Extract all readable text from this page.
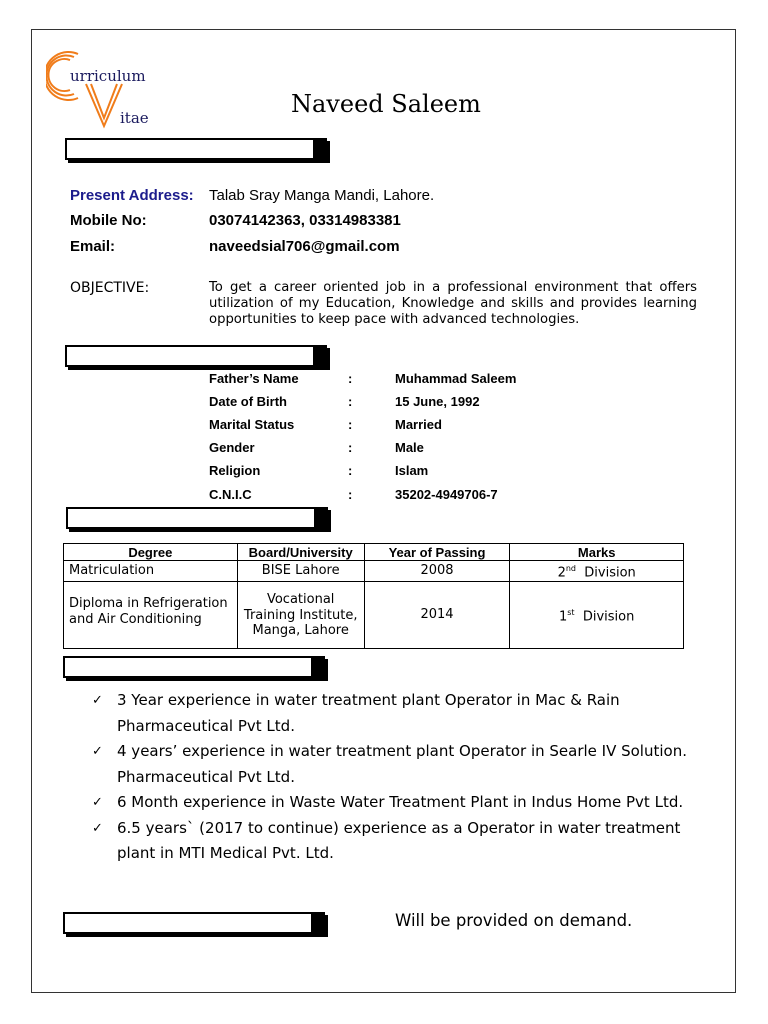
urriculum
itae	Naveed Saleem
Present Address: Talab Sray Manga Mandi, Lahore.
Mobile No:	03074142363, 03314983381
Email:	naveedsial706@gmail.com
OBJECTIVE:	To get a career oriented job in a professional environment that offers utilization of my Education, Knowledge and skills and provides learning opportunities to keep pace with advanced technologies.
Father’s Name	:	Muhammad Saleem
Date of Birth	:	15 June, 1992
Marital Status	:	Married
Gender	:	Male
Religion	:	Islam
C.N.I.C	:	35202-4949706-7
Degree	Board/University	Year of Passing	Marks
Matriculation	BISE Lahore	2008	2nd Division
Diploma in Refrigeration and Air Conditioning	Vocational Training Institute, Manga, Lahore	2014	1st Division
✓ 3 Year experience in water treatment plant Operator in Mac & Rain Pharmaceutical Pvt Ltd.
✓ 4 years’ experience in water treatment plant Operator in Searle IV Solution. Pharmaceutical Pvt Ltd.
✓ 6 Month experience in Waste Water Treatment Plant in Indus Home Pvt Ltd.
✓ 6.5 years` (2017 to continue) experience as a Operator in water treatment plant in MTI Medical Pvt. Ltd.
Will be provided on demand.
